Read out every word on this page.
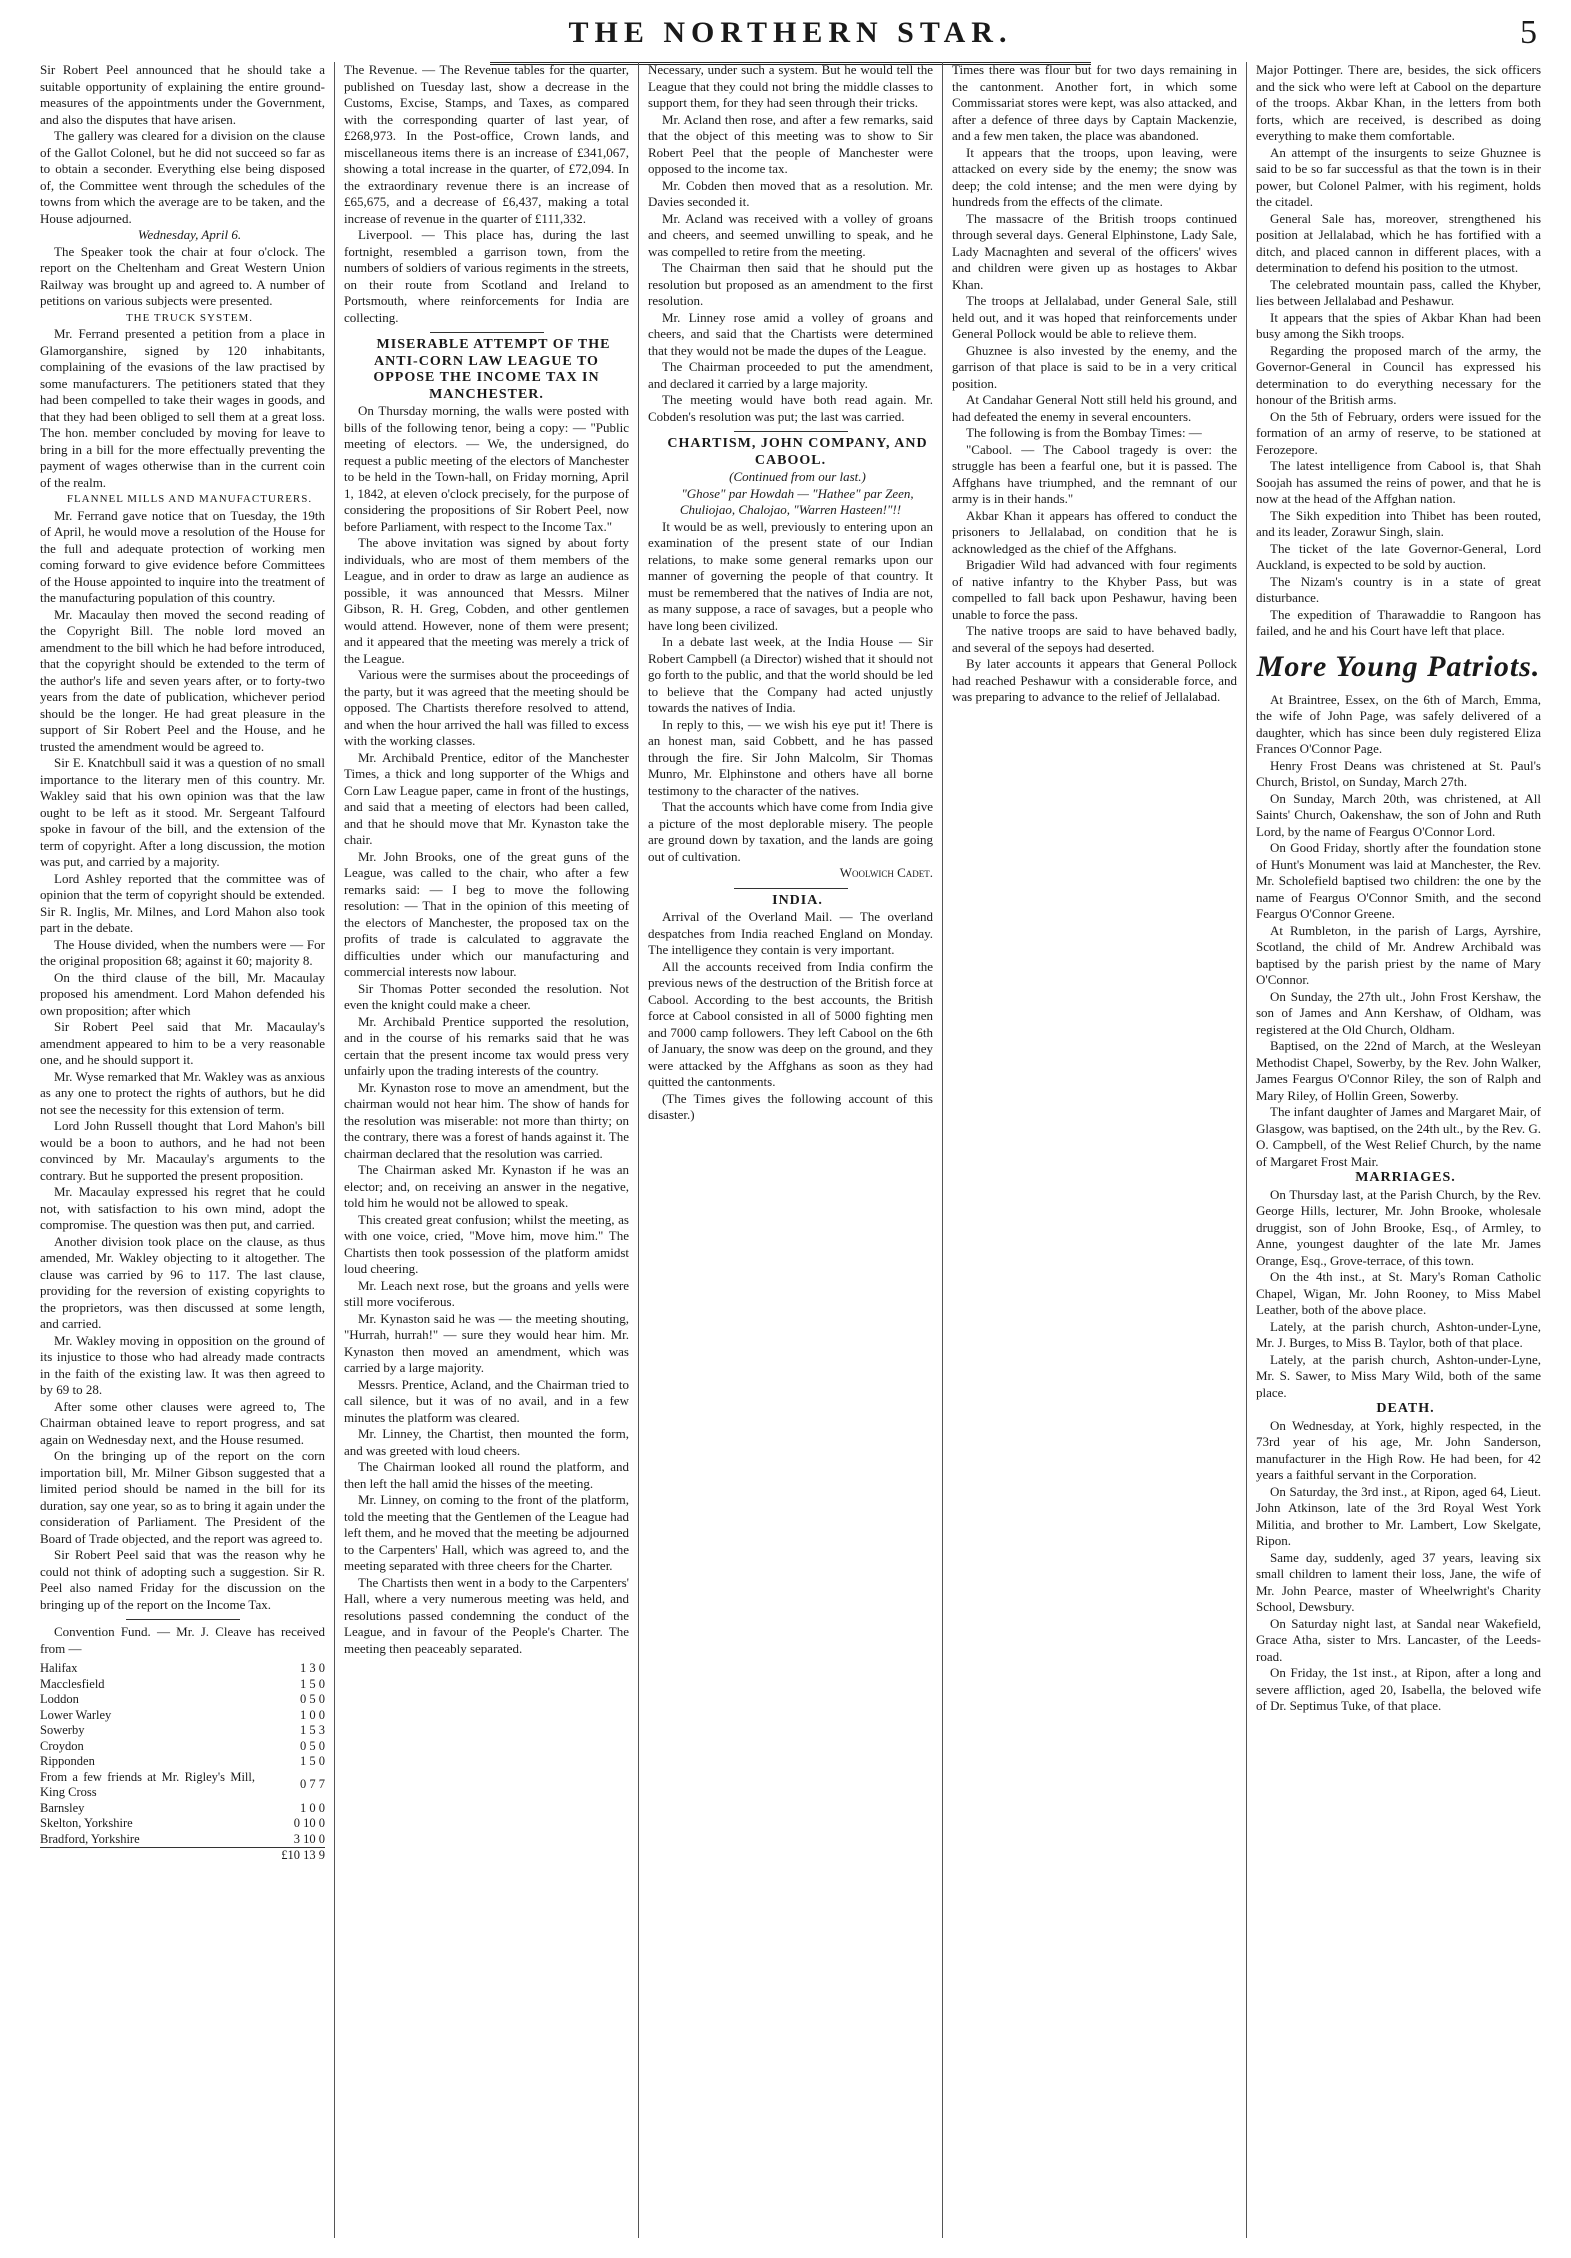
THE NORTHERN STAR.	5

Sir Robert Peel announced that he should take a suitable opportunity of explaining the entire ground-measures of the appointments under the Government, and also the disputes that have arisen.

The gallery was cleared for a division on the clause of the Gallot Colonel, but he did not succeed so far as to obtain a seconder. Everything else being disposed of, the Committee went through the schedules of the towns from which the average are to be taken, and the House adjourned.

Wednesday, April 6.

The Speaker took the chair at four o'clock. The report on the Cheltenham and Great Western Union Railway was brought up and agreed to. A number of petitions on various subjects were presented.

THE TRUCK SYSTEM.

Mr. Ferrand presented a petition from a place in Glamorganshire, signed by 120 inhabitants, complaining of the evasions of the law practised by some manufacturers. The petitioners stated that they had been compelled to take their wages in goods, and that they had been obliged to sell them at a great loss. The hon. member concluded by moving for leave to bring in a bill for the more effectually preventing the payment of wages otherwise than in the current coin of the realm.

FLANNEL MILLS AND MANUFACTURERS.

Mr. Ferrand gave notice that on Tuesday, the 19th of April, he would move a resolution of the House for the full and adequate protection of working men coming forward to give evidence before Committees of the House appointed to inquire into the treatment of the manufacturing population of this country.

Mr. Macaulay then moved the second reading of the Copyright Bill. The noble lord moved an amendment to the bill which he had before introduced, that the copyright should be extended to the term of the author's life and seven years after, or to forty-two years from the date of publication, whichever period should be the longer. He had great pleasure in the support of Sir Robert Peel and the House, and he trusted the amendment would be agreed to.

Sir E. Knatchbull said it was a question of no small importance to the literary men of this country. Mr. Wakley said that his own opinion was that the law ought to be left as it stood. Mr. Sergeant Talfourd spoke in favour of the bill, and the extension of the term of copyright. After a long discussion, the motion was put, and carried by a majority.

Lord Ashley reported that the committee was of opinion that the term of copyright should be extended. Sir R. Inglis, Mr. Milnes, and Lord Mahon also took part in the debate.

The House divided, when the numbers were — For the original proposition 68; against it 60; majority 8.

On the third clause of the bill, Mr. Macaulay proposed his amendment. Lord Mahon defended his own proposition; after which

Sir Robert Peel said that Mr. Macaulay's amendment appeared to him to be a very reasonable one, and he should support it.

Mr. Wyse remarked that Mr. Wakley was as anxious as any one to protect the rights of authors, but he did not see the necessity for this extension of term.

Lord John Russell thought that Lord Mahon's bill would be a boon to authors, and he had not been convinced by Mr. Macaulay's arguments to the contrary. But he supported the present proposition.

Mr. Macaulay expressed his regret that he could not, with satisfaction to his own mind, adopt the compromise. The question was then put, and carried.

Another division took place on the clause, as thus amended, Mr. Wakley objecting to it altogether. The clause was carried by 96 to 117. The last clause, providing for the reversion of existing copyrights to the proprietors, was then discussed at some length, and carried.

Mr. Wakley moving in opposition on the ground of its injustice to those who had already made contracts in the faith of the existing law. It was then agreed to by 69 to 28.

After some other clauses were agreed to, The Chairman obtained leave to report progress, and sat again on Wednesday next, and the House resumed.

On the bringing up of the report on the corn importation bill, Mr. Milner Gibson suggested that a limited period should be named in the bill for its duration, say one year, so as to bring it again under the consideration of Parliament. The President of the Board of Trade objected, and the report was agreed to.

Sir Robert Peel said that was the reason why he could not think of adopting such a suggestion. Sir R. Peel also named Friday for the discussion on the bringing up of the report on the Income Tax.

Convention Fund. — Mr. J. Cleave has received from —

Halifax	1 3 0
Macclesfield	1 5 0
Loddon	0 5 0
Lower Warley	1 0 0
Sowerby	1 5 3
Croydon	0 5 0
Ripponden	1 5 0
From a few friends at Mr. Rigley's Mill, King Cross	0 7 7
Barnsley	1 0 0
Skelton, Yorkshire	0 10 0
Bradford, Yorkshire	3 10 0
	£10 13 9

The Revenue. — The Revenue tables for the quarter, published on Tuesday last, show a decrease in the Customs, Excise, Stamps, and Taxes, as compared with the corresponding quarter of last year, of £268,973. In the Post-office, Crown lands, and miscellaneous items there is an increase of £341,067, showing a total increase in the quarter, of £72,094. In the extraordinary revenue there is an increase of £65,675, and a decrease of £6,437, making a total increase of revenue in the quarter of £111,332.

Liverpool. — This place has, during the last fortnight, resembled a garrison town, from the numbers of soldiers of various regiments in the streets, on their route from Scotland and Ireland to Portsmouth, where reinforcements for India are collecting.

MISERABLE ATTEMPT OF THE ANTI-CORN LAW LEAGUE TO OPPOSE THE INCOME TAX IN MANCHESTER.

On Thursday morning, the walls were posted with bills of the following tenor, being a copy: — "Public meeting of electors. — We, the undersigned, do request a public meeting of the electors of Manchester to be held in the Town-hall, on Friday morning, April 1, 1842, at eleven o'clock precisely, for the purpose of considering the propositions of Sir Robert Peel, now before Parliament, with respect to the Income Tax."

The above invitation was signed by about forty individuals, who are most of them members of the League, and in order to draw as large an audience as possible, it was announced that Messrs. Milner Gibson, R. H. Greg, Cobden, and other gentlemen would attend. However, none of them were present; and it appeared that the meeting was merely a trick of the League.

Various were the surmises about the proceedings of the party, but it was agreed that the meeting should be opposed. The Chartists therefore resolved to attend, and when the hour arrived the hall was filled to excess with the working classes.

Mr. Archibald Prentice, editor of the Manchester Times, a thick and long supporter of the Whigs and Corn Law League paper, came in front of the hustings, and said that a meeting of electors had been called, and that he should move that Mr. Kynaston take the chair.

Mr. John Brooks, one of the great guns of the League, was called to the chair, who after a few remarks said: — I beg to move the following resolution: — That in the opinion of this meeting of the electors of Manchester, the proposed tax on the profits of trade is calculated to aggravate the difficulties under which our manufacturing and commercial interests now labour.

Sir Thomas Potter seconded the resolution. Not even the knight could make a cheer.

Mr. Archibald Prentice supported the resolution, and in the course of his remarks said that he was certain that the present income tax would press very unfairly upon the trading interests of the country.

Mr. Kynaston rose to move an amendment, but the chairman would not hear him. The show of hands for the resolution was miserable: not more than thirty; on the contrary, there was a forest of hands against it. The chairman declared that the resolution was carried.

The Chairman asked Mr. Kynaston if he was an elector; and, on receiving an answer in the negative, told him he would not be allowed to speak.

This created great confusion; whilst the meeting, as with one voice, cried, "Move him, move him." The Chartists then took possession of the platform amidst loud cheering.

Mr. Leach next rose, but the groans and yells were still more vociferous.

Mr. Kynaston said he was — the meeting shouting, "Hurrah, hurrah!" — sure they would hear him. Mr. Kynaston then moved an amendment, which was carried by a large majority.

Messrs. Prentice, Acland, and the Chairman tried to call silence, but it was of no avail, and in a few minutes the platform was cleared.

Mr. Linney, the Chartist, then mounted the form, and was greeted with loud cheers.

The Chairman looked all round the platform, and then left the hall amid the hisses of the meeting.

Mr. Linney, on coming to the front of the platform, told the meeting that the Gentlemen of the League had left them, and he moved that the meeting be adjourned to the Carpenters' Hall, which was agreed to, and the meeting separated with three cheers for the Charter.

The Chartists then went in a body to the Carpenters' Hall, where a very numerous meeting was held, and resolutions passed condemning the conduct of the League, and in favour of the People's Charter. The meeting then peaceably separated.

Necessary, under such a system. But he would tell the League that they could not bring the middle classes to support them, for they had seen through their tricks.

Mr. Acland then rose, and after a few remarks, said that the object of this meeting was to show to Sir Robert Peel that the people of Manchester were opposed to the income tax.

Mr. Cobden then moved that as a resolution. Mr. Davies seconded it.

Mr. Acland was received with a volley of groans and cheers, and seemed unwilling to speak, and he was compelled to retire from the meeting.

The Chairman then said that he should put the resolution but proposed as an amendment to the first resolution.

Mr. Linney rose amid a volley of groans and cheers, and said that the Chartists were determined that they would not be made the dupes of the League.

The Chairman proceeded to put the amendment, and declared it carried by a large majority.

The meeting would have both read again. Mr. Cobden's resolution was put; the last was carried.

CHARTISM, JOHN COMPANY, AND CABOOL.

(Continued from our last.)

"Ghose" par Howdah — "Hathee" par Zeen, Chuliojao, Chalojao, "Warren Hasteen!"!!

It would be as well, previously to entering upon an examination of the present state of our Indian relations, to make some general remarks upon our manner of governing the people of that country. It must be remembered that the natives of India are not, as many suppose, a race of savages, but a people who have long been civilized.

In a debate last week, at the India House — Sir Robert Campbell (a Director) wished that it should not go forth to the public, and that the world should be led to believe that the Company had acted unjustly towards the natives of India.

In reply to this, — we wish his eye put it! There is an honest man, said Cobbett, and he has passed through the fire. Sir John Malcolm, Sir Thomas Munro, Mr. Elphinstone and others have all borne testimony to the character of the natives.

That the accounts which have come from India give a picture of the most deplorable misery. The people are ground down by taxation, and the lands are going out of cultivation.

Woolwich Cadet.

INDIA.

Arrival of the Overland Mail. — The overland despatches from India reached England on Monday. The intelligence they contain is very important.

All the accounts received from India confirm the previous news of the destruction of the British force at Cabool. According to the best accounts, the British force at Cabool consisted in all of 5000 fighting men and 7000 camp followers. They left Cabool on the 6th of January, the snow was deep on the ground, and they were attacked by the Affghans as soon as they had quitted the cantonments.

(The Times gives the following account of this disaster.)

Times there was flour but for two days remaining in the cantonment. Another fort, in which some Commissariat stores were kept, was also attacked, and after a defence of three days by Captain Mackenzie, and a few men taken, the place was abandoned.

It appears that the troops, upon leaving, were attacked on every side by the enemy; the snow was deep; the cold intense; and the men were dying by hundreds from the effects of the climate.

The massacre of the British troops continued through several days. General Elphinstone, Lady Sale, Lady Macnaghten and several of the officers' wives and children were given up as hostages to Akbar Khan.

The troops at Jellalabad, under General Sale, still held out, and it was hoped that reinforcements under General Pollock would be able to relieve them.

Ghuznee is also invested by the enemy, and the garrison of that place is said to be in a very critical position.

At Candahar General Nott still held his ground, and had defeated the enemy in several encounters.

The following is from the Bombay Times: —

"Cabool. — The Cabool tragedy is over: the struggle has been a fearful one, but it is passed. The Affghans have triumphed, and the remnant of our army is in their hands."

Akbar Khan it appears has offered to conduct the prisoners to Jellalabad, on condition that he is acknowledged as the chief of the Affghans.

Brigadier Wild had advanced with four regiments of native infantry to the Khyber Pass, but was compelled to fall back upon Peshawur, having been unable to force the pass.

The native troops are said to have behaved badly, and several of the sepoys had deserted.

By later accounts it appears that General Pollock had reached Peshawur with a considerable force, and was preparing to advance to the relief of Jellalabad.

Major Pottinger. There are, besides, the sick officers and the sick who were left at Cabool on the departure of the troops. Akbar Khan, in the letters from both forts, which are received, is described as doing everything to make them comfortable.

An attempt of the insurgents to seize Ghuznee is said to be so far successful as that the town is in their power, but Colonel Palmer, with his regiment, holds the citadel.

General Sale has, moreover, strengthened his position at Jellalabad, which he has fortified with a ditch, and placed cannon in different places, with a determination to defend his position to the utmost.

The celebrated mountain pass, called the Khyber, lies between Jellalabad and Peshawur.

It appears that the spies of Akbar Khan had been busy among the Sikh troops.

Regarding the proposed march of the army, the Governor-General in Council has expressed his determination to do everything necessary for the honour of the British arms.

On the 5th of February, orders were issued for the formation of an army of reserve, to be stationed at Ferozepore.

The latest intelligence from Cabool is, that Shah Soojah has assumed the reins of power, and that he is now at the head of the Affghan nation.

The Sikh expedition into Thibet has been routed, and its leader, Zorawur Singh, slain.

The ticket of the late Governor-General, Lord Auckland, is expected to be sold by auction.

The Nizam's country is in a state of great disturbance.

The expedition of Tharawaddie to Rangoon has failed, and he and his Court have left that place.

More Young Patriots.

At Braintree, Essex, on the 6th of March, Emma, the wife of John Page, was safely delivered of a daughter, which has since been duly registered Eliza Frances O'Connor Page.

Henry Frost Deans was christened at St. Paul's Church, Bristol, on Sunday, March 27th.

On Sunday, March 20th, was christened, at All Saints' Church, Oakenshaw, the son of John and Ruth Lord, by the name of Feargus O'Connor Lord.

On Good Friday, shortly after the foundation stone of Hunt's Monument was laid at Manchester, the Rev. Mr. Scholefield baptised two children: the one by the name of Feargus O'Connor Smith, and the second Feargus O'Connor Greene.

At Rumbleton, in the parish of Largs, Ayrshire, Scotland, the child of Mr. Andrew Archibald was baptised by the parish priest by the name of Mary O'Connor.

On Sunday, the 27th ult., John Frost Kershaw, the son of James and Ann Kershaw, of Oldham, was registered at the Old Church, Oldham.

Baptised, on the 22nd of March, at the Wesleyan Methodist Chapel, Sowerby, by the Rev. John Walker, James Feargus O'Connor Riley, the son of Ralph and Mary Riley, of Hollin Green, Sowerby.

The infant daughter of James and Margaret Mair, of Glasgow, was baptised, on the 24th ult., by the Rev. G. O. Campbell, of the West Relief Church, by the name of Margaret Frost Mair.

MARRIAGES.

On Thursday last, at the Parish Church, by the Rev. George Hills, lecturer, Mr. John Brooke, wholesale druggist, son of John Brooke, Esq., of Armley, to Anne, youngest daughter of the late Mr. James Orange, Esq., Grove-terrace, of this town.

On the 4th inst., at St. Mary's Roman Catholic Chapel, Wigan, Mr. John Rooney, to Miss Mabel Leather, both of the above place.

Lately, at the parish church, Ashton-under-Lyne, Mr. J. Burges, to Miss B. Taylor, both of that place.

Lately, at the parish church, Ashton-under-Lyne, Mr. S. Sawer, to Miss Mary Wild, both of the same place.

DEATH.

On Wednesday, at York, highly respected, in the 73rd year of his age, Mr. John Sanderson, manufacturer in the High Row. He had been, for 42 years a faithful servant in the Corporation.

On Saturday, the 3rd inst., at Ripon, aged 64, Lieut. John Atkinson, late of the 3rd Royal West York Militia, and brother to Mr. Lambert, Low Skelgate, Ripon.

Same day, suddenly, aged 37 years, leaving six small children to lament their loss, Jane, the wife of Mr. John Pearce, master of Wheelwright's Charity School, Dewsbury.

On Saturday night last, at Sandal near Wakefield, Grace Atha, sister to Mrs. Lancaster, of the Leeds-road.

On Friday, the 1st inst., at Ripon, after a long and severe affliction, aged 20, Isabella, the beloved wife of Dr. Septimus Tuke, of that place.
